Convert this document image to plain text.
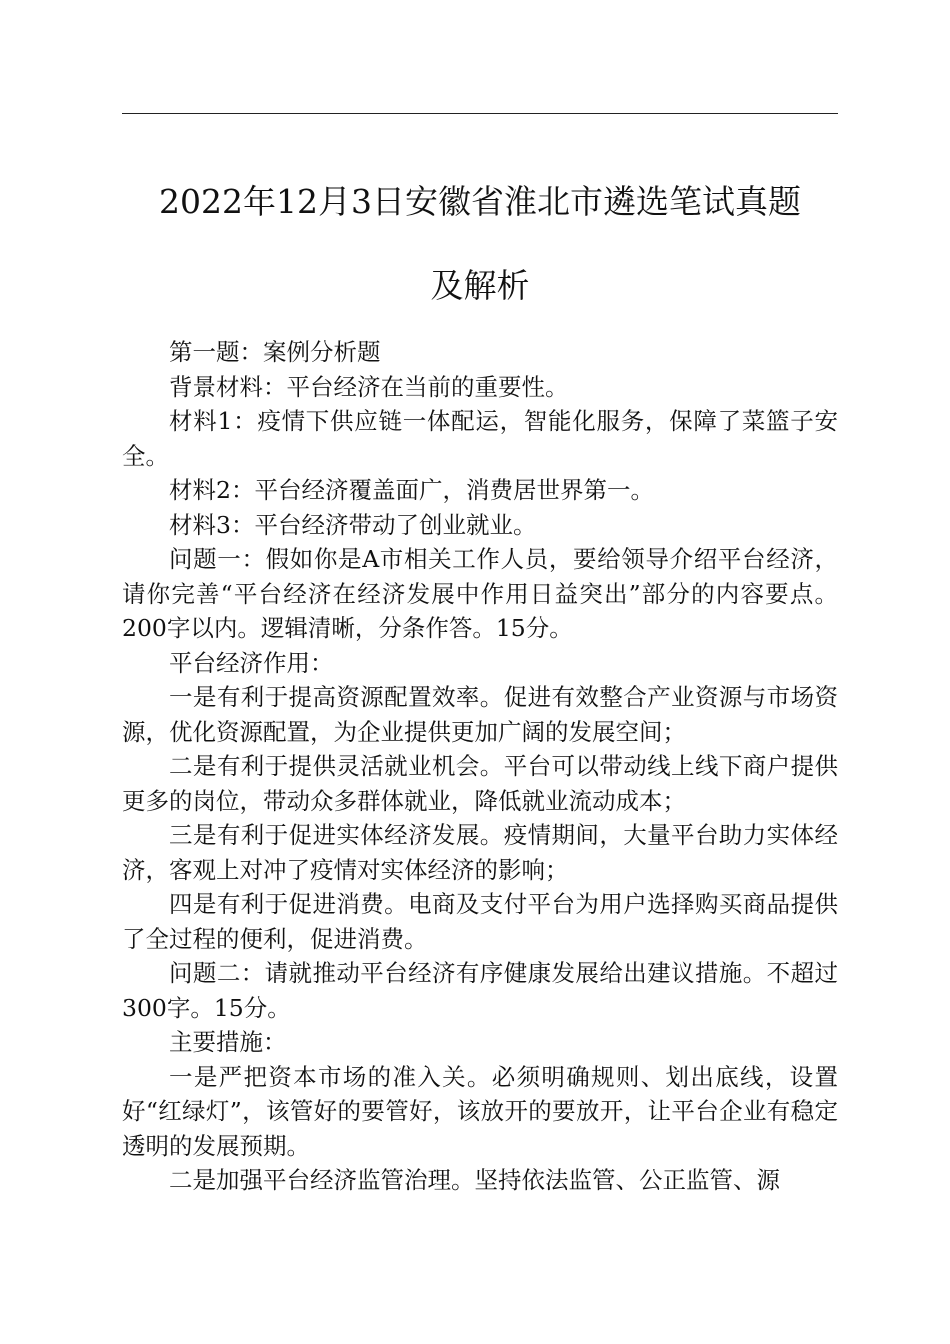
2022年12月3日安徽省淮北市遴选笔试真题
及解析

第一题：案例分析题

背景材料：平台经济在当前的重要性。

材料1：疫情下供应链一体配运，智能化服务，保障了菜篮子安全。

材料2：平台经济覆盖面广，消费居世界第一。

材料3：平台经济带动了创业就业。

问题一：假如你是A市相关工作人员，要给领导介绍平台经济，请你完善“平台经济在经济发展中作用日益突出”部分的内容要点。200字以内。逻辑清晰，分条作答。15分。

平台经济作用：

一是有利于提高资源配置效率。促进有效整合产业资源与市场资源，优化资源配置，为企业提供更加广阔的发展空间；

二是有利于提供灵活就业机会。平台可以带动线上线下商户提供更多的岗位，带动众多群体就业，降低就业流动成本；

三是有利于促进实体经济发展。疫情期间，大量平台助力实体经济，客观上对冲了疫情对实体经济的影响；

四是有利于促进消费。电商及支付平台为用户选择购买商品提供了全过程的便利，促进消费。

问题二：请就推动平台经济有序健康发展给出建议措施。不超过300字。15分。

主要措施：

一是严把资本市场的准入关。必须明确规则、划出底线，设置好“红绿灯”，该管好的要管好，该放开的要放开，让平台企业有稳定透明的发展预期。

二是加强平台经济监管治理。坚持依法监管、公正监管、源
